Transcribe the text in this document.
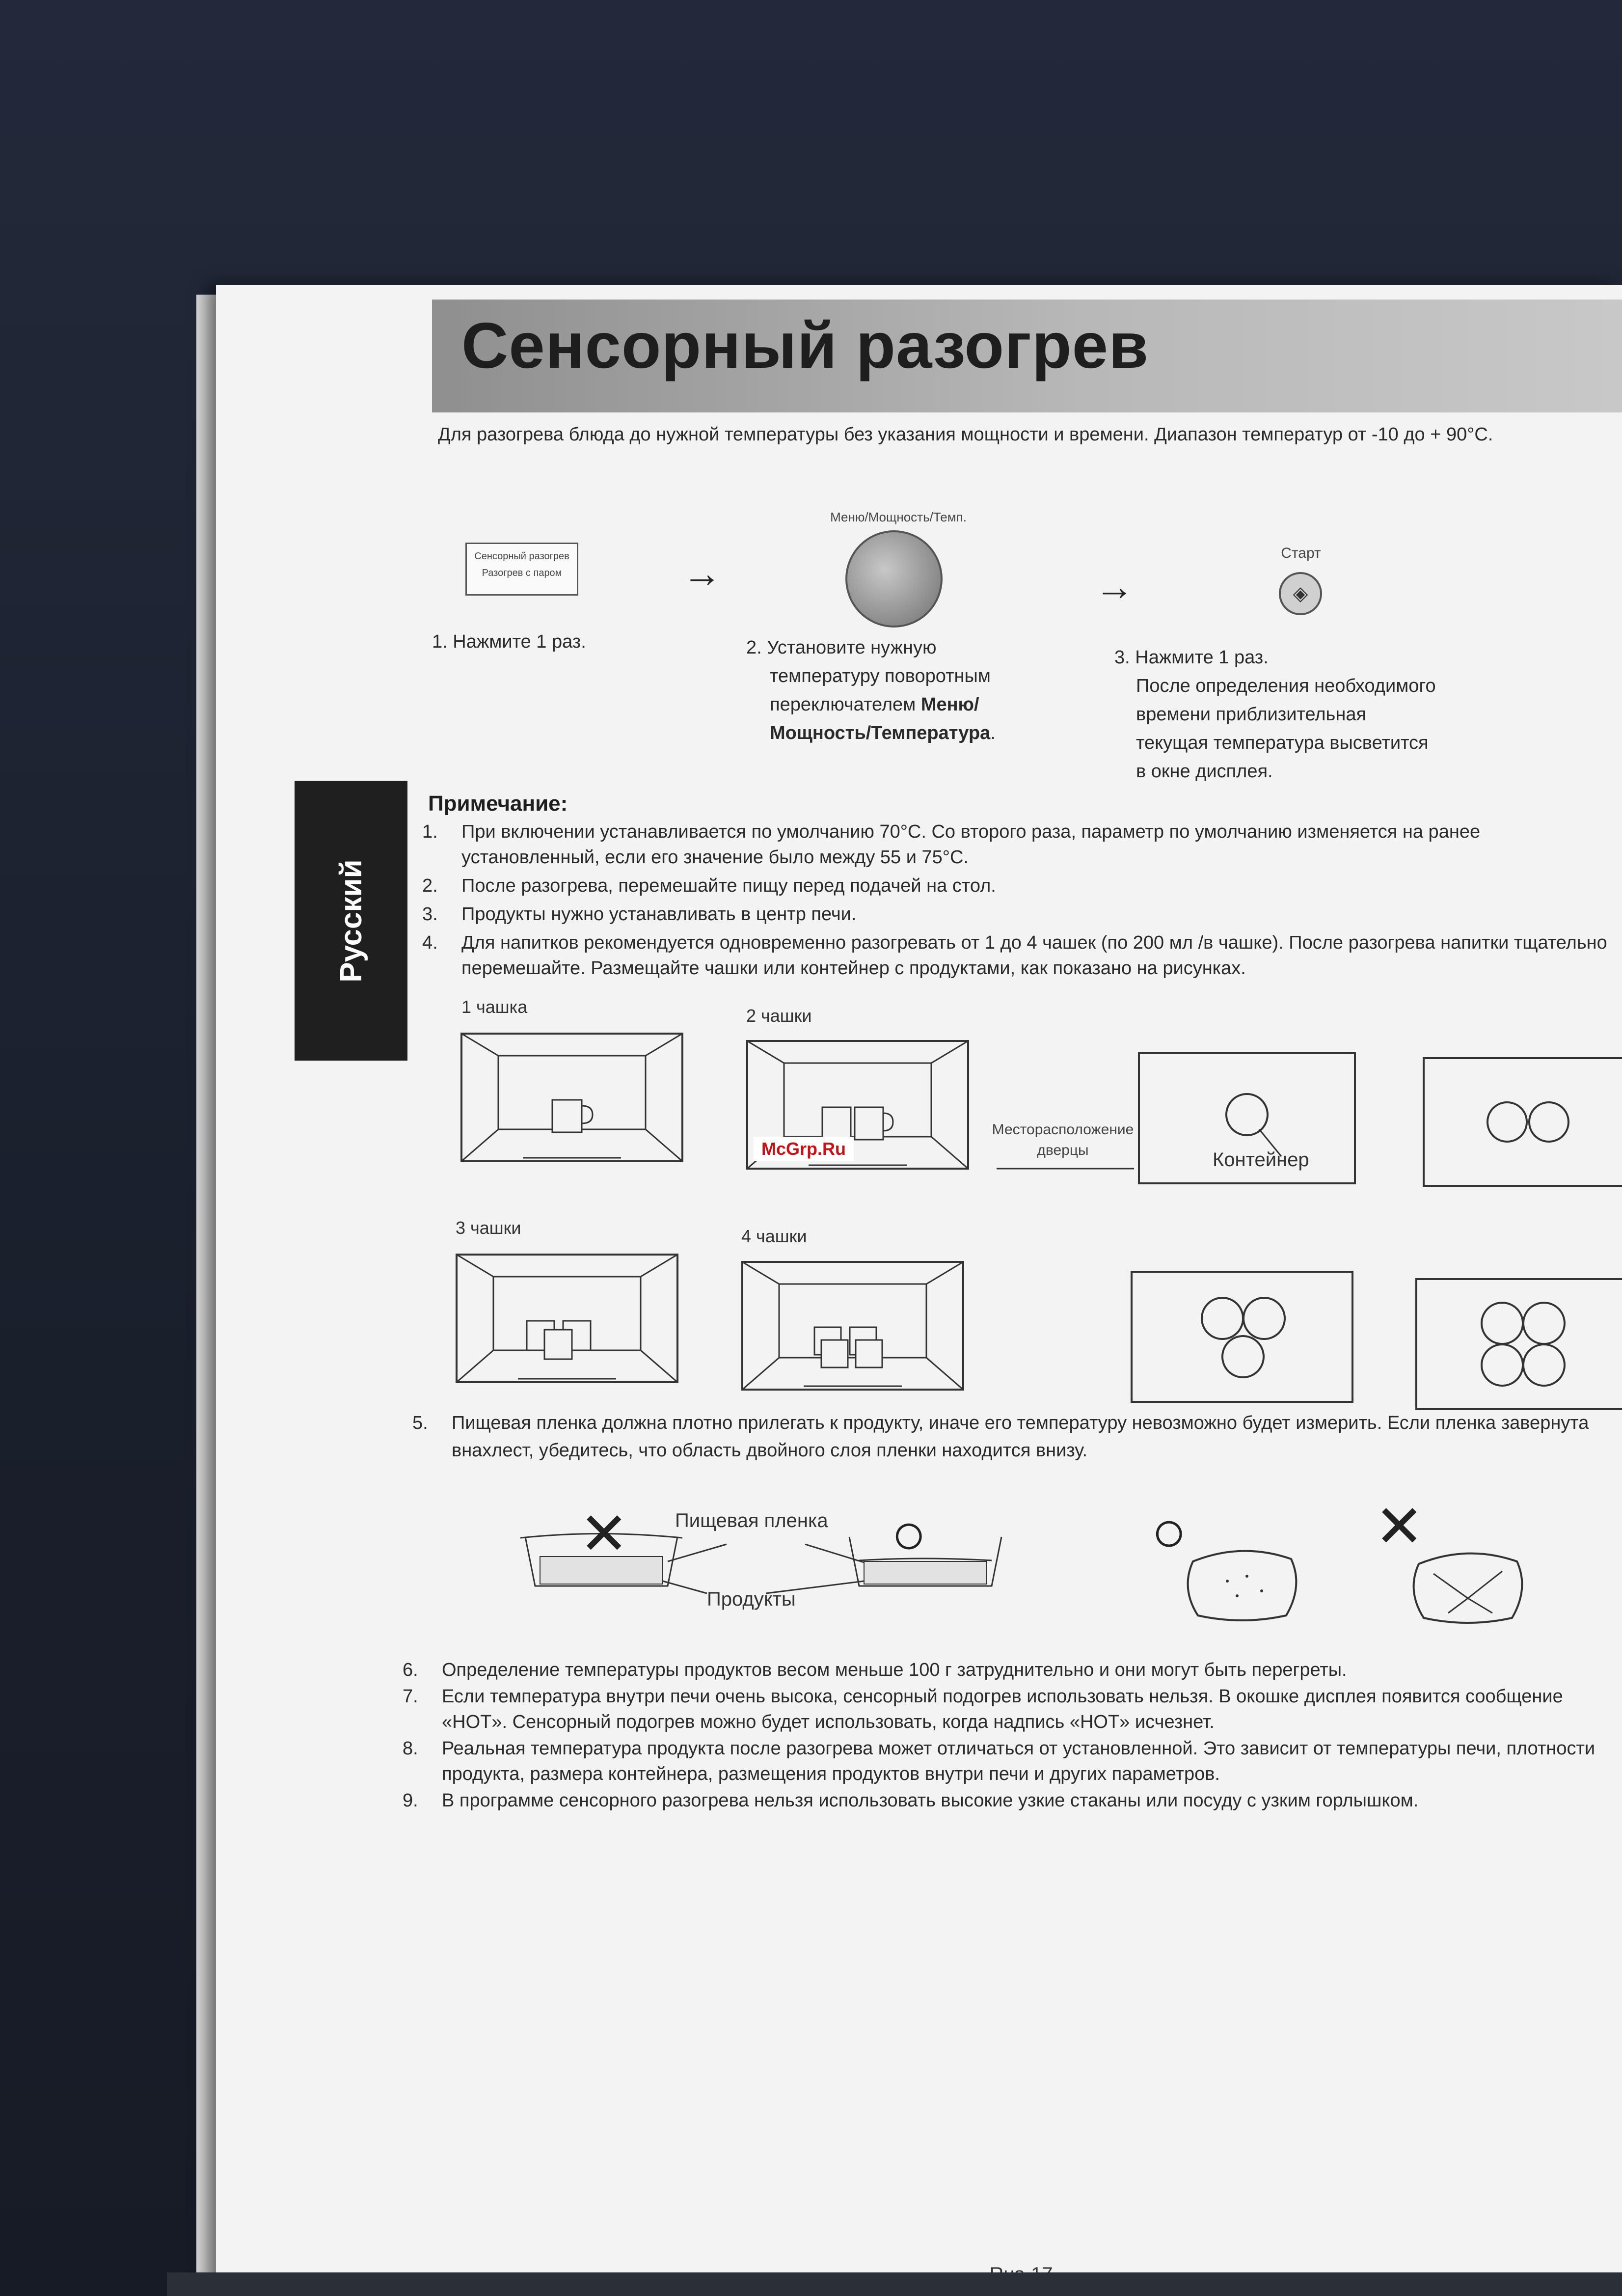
Сенсорный разогрев
Для разогрева блюда до нужной температуры без указания мощности и времени. Диапазон температур от -10 до + 90°C.
Русский
Сенсорный разогрев
Разогрев с паром	→
Меню/Мощность/Темп.
→
Старт
◈
1. Нажмите 1 раз.	2. Установите нужную
температуру поворотным
переключателем Меню/
Мощность/Температура.
3. Нажмите 1 раз.
После определения необходимого
времени приблизительная
текущая температура высветится
в окне дисплея.
Примечание:
1. При включении устанавливается по умолчанию 70°C. Со второго раза, параметр по умолчанию изменяется на ранее установленный, если его значение было между 55 и 75°C.
2. После разогрева, перемешайте пищу перед подачей на стол.
3. Продукты нужно устанавливать в центр печи.
4. Для напитков рекомендуется одновременно разогревать от 1 до 4 чашек (по 200 мл /в чашке). После разогрева напитки тщательно перемешайте. Размещайте чашки или контейнер с продуктами, как показано на рисунках.
1 чашка	2 чашки
3 чашки	4 чашки
Месторасположение дверцы	Контейнер
McGrp.Ru
5. Пищевая пленка должна плотно прилегать к продукту, иначе его температуру невозможно будет измерить. Если пленка завернута внахлест, убедитесь, что область двойного слоя пленки находится внизу.
✕	○
Пищевая пленка
Продукты
○	✕
6. Определение температуры продуктов весом меньше 100 г затруднительно и они могут быть перегреты.
7. Если температура внутри печи очень высока, сенсорный подогрев использовать нельзя. В окошке дисплея появится сообщение «HOT». Сенсорный подогрев можно будет использовать, когда надпись «HOT» исчезнет.
8. Реальная температура продукта после разогрева может отличаться от установленной. Это зависит от температуры печи, плотности продукта, размера контейнера, размещения продуктов внутри печи и других параметров.
9. В программе сенсорного разогрева нельзя использовать высокие узкие стаканы или посуду с узким горлышком.
